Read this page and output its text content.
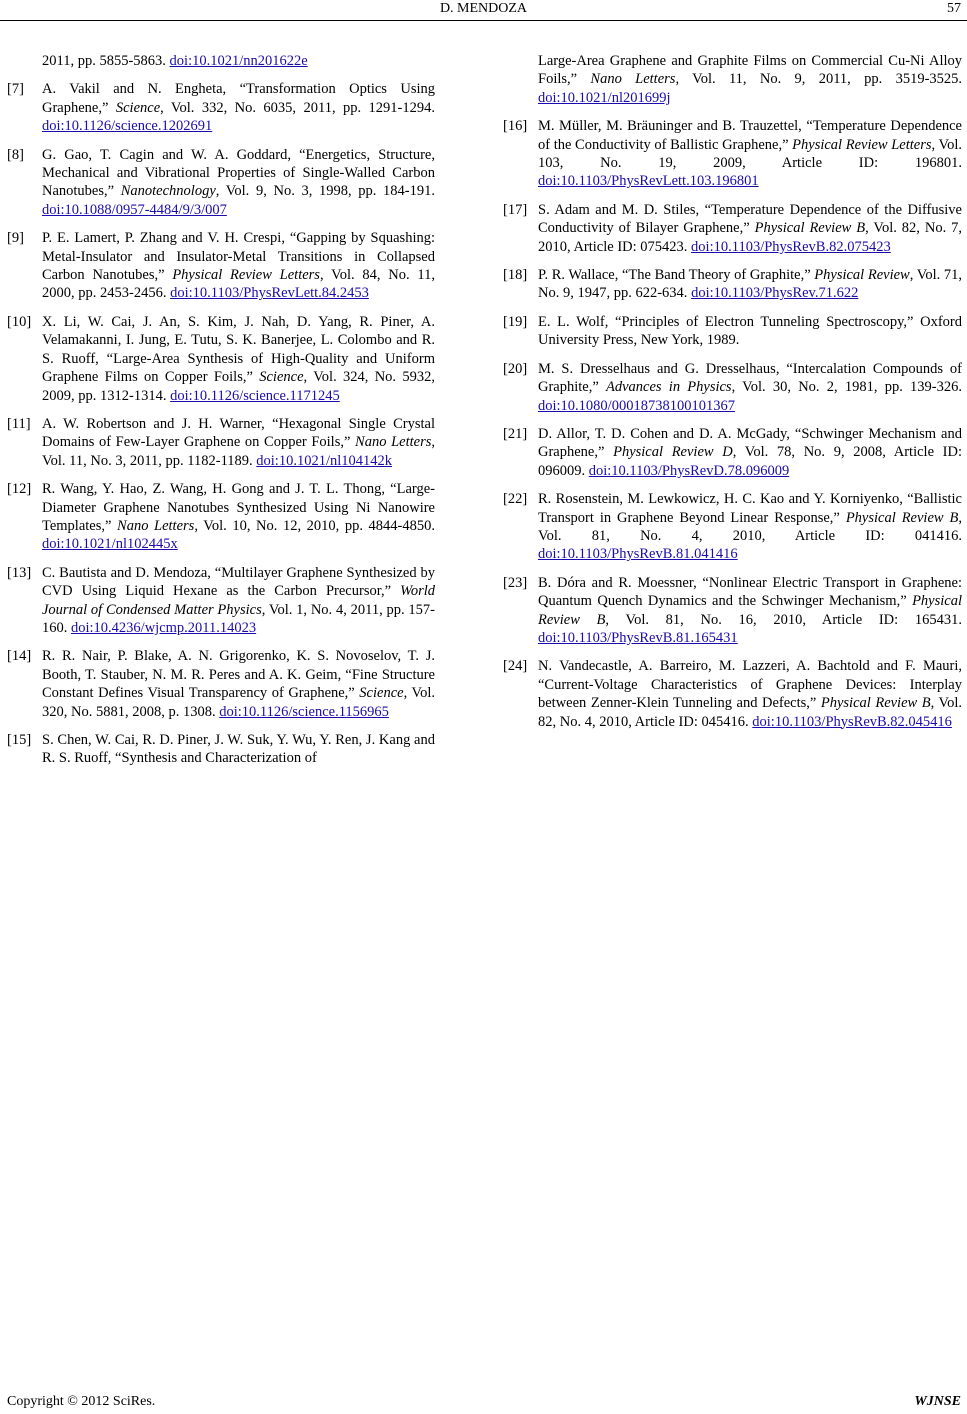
D. MENDOZA	57
2011, pp. 5855-5863. doi:10.1021/nn201622e
[7] A. Vakil and N. Engheta, “Transformation Optics Using Graphene,” Science, Vol. 332, No. 6035, 2011, pp. 1291-1294. doi:10.1126/science.1202691
[8] G. Gao, T. Cagin and W. A. Goddard, “Energetics, Structure, Mechanical and Vibrational Properties of Single-Walled Carbon Nanotubes,” Nanotechnology, Vol. 9, No. 3, 1998, pp. 184-191. doi:10.1088/0957-4484/9/3/007
[9] P. E. Lamert, P. Zhang and V. H. Crespi, “Gapping by Squashing: Metal-Insulator and Insulator-Metal Transitions in Collapsed Carbon Nanotubes,” Physical Review Letters, Vol. 84, No. 11, 2000, pp. 2453-2456. doi:10.1103/PhysRevLett.84.2453
[10] X. Li, W. Cai, J. An, S. Kim, J. Nah, D. Yang, R. Piner, A. Velamakanni, I. Jung, E. Tutu, S. K. Banerjee, L. Colombo and R. S. Ruoff, “Large-Area Synthesis of High-Quality and Uniform Graphene Films on Copper Foils,” Science, Vol. 324, No. 5932, 2009, pp. 1312-1314. doi:10.1126/science.1171245
[11] A. W. Robertson and J. H. Warner, “Hexagonal Single Crystal Domains of Few-Layer Graphene on Copper Foils,” Nano Letters, Vol. 11, No. 3, 2011, pp. 1182-1189. doi:10.1021/nl104142k
[12] R. Wang, Y. Hao, Z. Wang, H. Gong and J. T. L. Thong, “Large-Diameter Graphene Nanotubes Synthesized Using Ni Nanowire Templates,” Nano Letters, Vol. 10, No. 12, 2010, pp. 4844-4850. doi:10.1021/nl102445x
[13] C. Bautista and D. Mendoza, “Multilayer Graphene Synthesized by CVD Using Liquid Hexane as the Carbon Precursor,” World Journal of Condensed Matter Physics, Vol. 1, No. 4, 2011, pp. 157-160. doi:10.4236/wjcmp.2011.14023
[14] R. R. Nair, P. Blake, A. N. Grigorenko, K. S. Novoselov, T. J. Booth, T. Stauber, N. M. R. Peres and A. K. Geim, “Fine Structure Constant Defines Visual Transparency of Graphene,” Science, Vol. 320, No. 5881, 2008, p. 1308. doi:10.1126/science.1156965
[15] S. Chen, W. Cai, R. D. Piner, J. W. Suk, Y. Wu, Y. Ren, J. Kang and R. S. Ruoff, “Synthesis and Characterization of
Large-Area Graphene and Graphite Films on Commercial Cu-Ni Alloy Foils,” Nano Letters, Vol. 11, No. 9, 2011, pp. 3519-3525. doi:10.1021/nl201699j
[16] M. Müller, M. Bräuninger and B. Trauzettel, “Temperature Dependence of the Conductivity of Ballistic Graphene,” Physical Review Letters, Vol. 103, No. 19, 2009, Article ID: 196801. doi:10.1103/PhysRevLett.103.196801
[17] S. Adam and M. D. Stiles, “Temperature Dependence of the Diffusive Conductivity of Bilayer Graphene,” Physical Review B, Vol. 82, No. 7, 2010, Article ID: 075423. doi:10.1103/PhysRevB.82.075423
[18] P. R. Wallace, “The Band Theory of Graphite,” Physical Review, Vol. 71, No. 9, 1947, pp. 622-634. doi:10.1103/PhysRev.71.622
[19] E. L. Wolf, “Principles of Electron Tunneling Spectroscopy,” Oxford University Press, New York, 1989.
[20] M. S. Dresselhaus and G. Dresselhaus, “Intercalation Compounds of Graphite,” Advances in Physics, Vol. 30, No. 2, 1981, pp. 139-326. doi:10.1080/00018738100101367
[21] D. Allor, T. D. Cohen and D. A. McGady, “Schwinger Mechanism and Graphene,” Physical Review D, Vol. 78, No. 9, 2008, Article ID: 096009. doi:10.1103/PhysRevD.78.096009
[22] R. Rosenstein, M. Lewkowicz, H. C. Kao and Y. Korniyenko, “Ballistic Transport in Graphene Beyond Linear Response,” Physical Review B, Vol. 81, No. 4, 2010, Article ID: 041416. doi:10.1103/PhysRevB.81.041416
[23] B. Dóra and R. Moessner, “Nonlinear Electric Transport in Graphene: Quantum Quench Dynamics and the Schwinger Mechanism,” Physical Review B, Vol. 81, No. 16, 2010, Article ID: 165431. doi:10.1103/PhysRevB.81.165431
[24] N. Vandecastle, A. Barreiro, M. Lazzeri, A. Bachtold and F. Mauri, “Current-Voltage Characteristics of Graphene Devices: Interplay between Zenner-Klein Tunneling and Defects,” Physical Review B, Vol. 82, No. 4, 2010, Article ID: 045416. doi:10.1103/PhysRevB.82.045416
Copyright © 2012 SciRes.	WJNSE
